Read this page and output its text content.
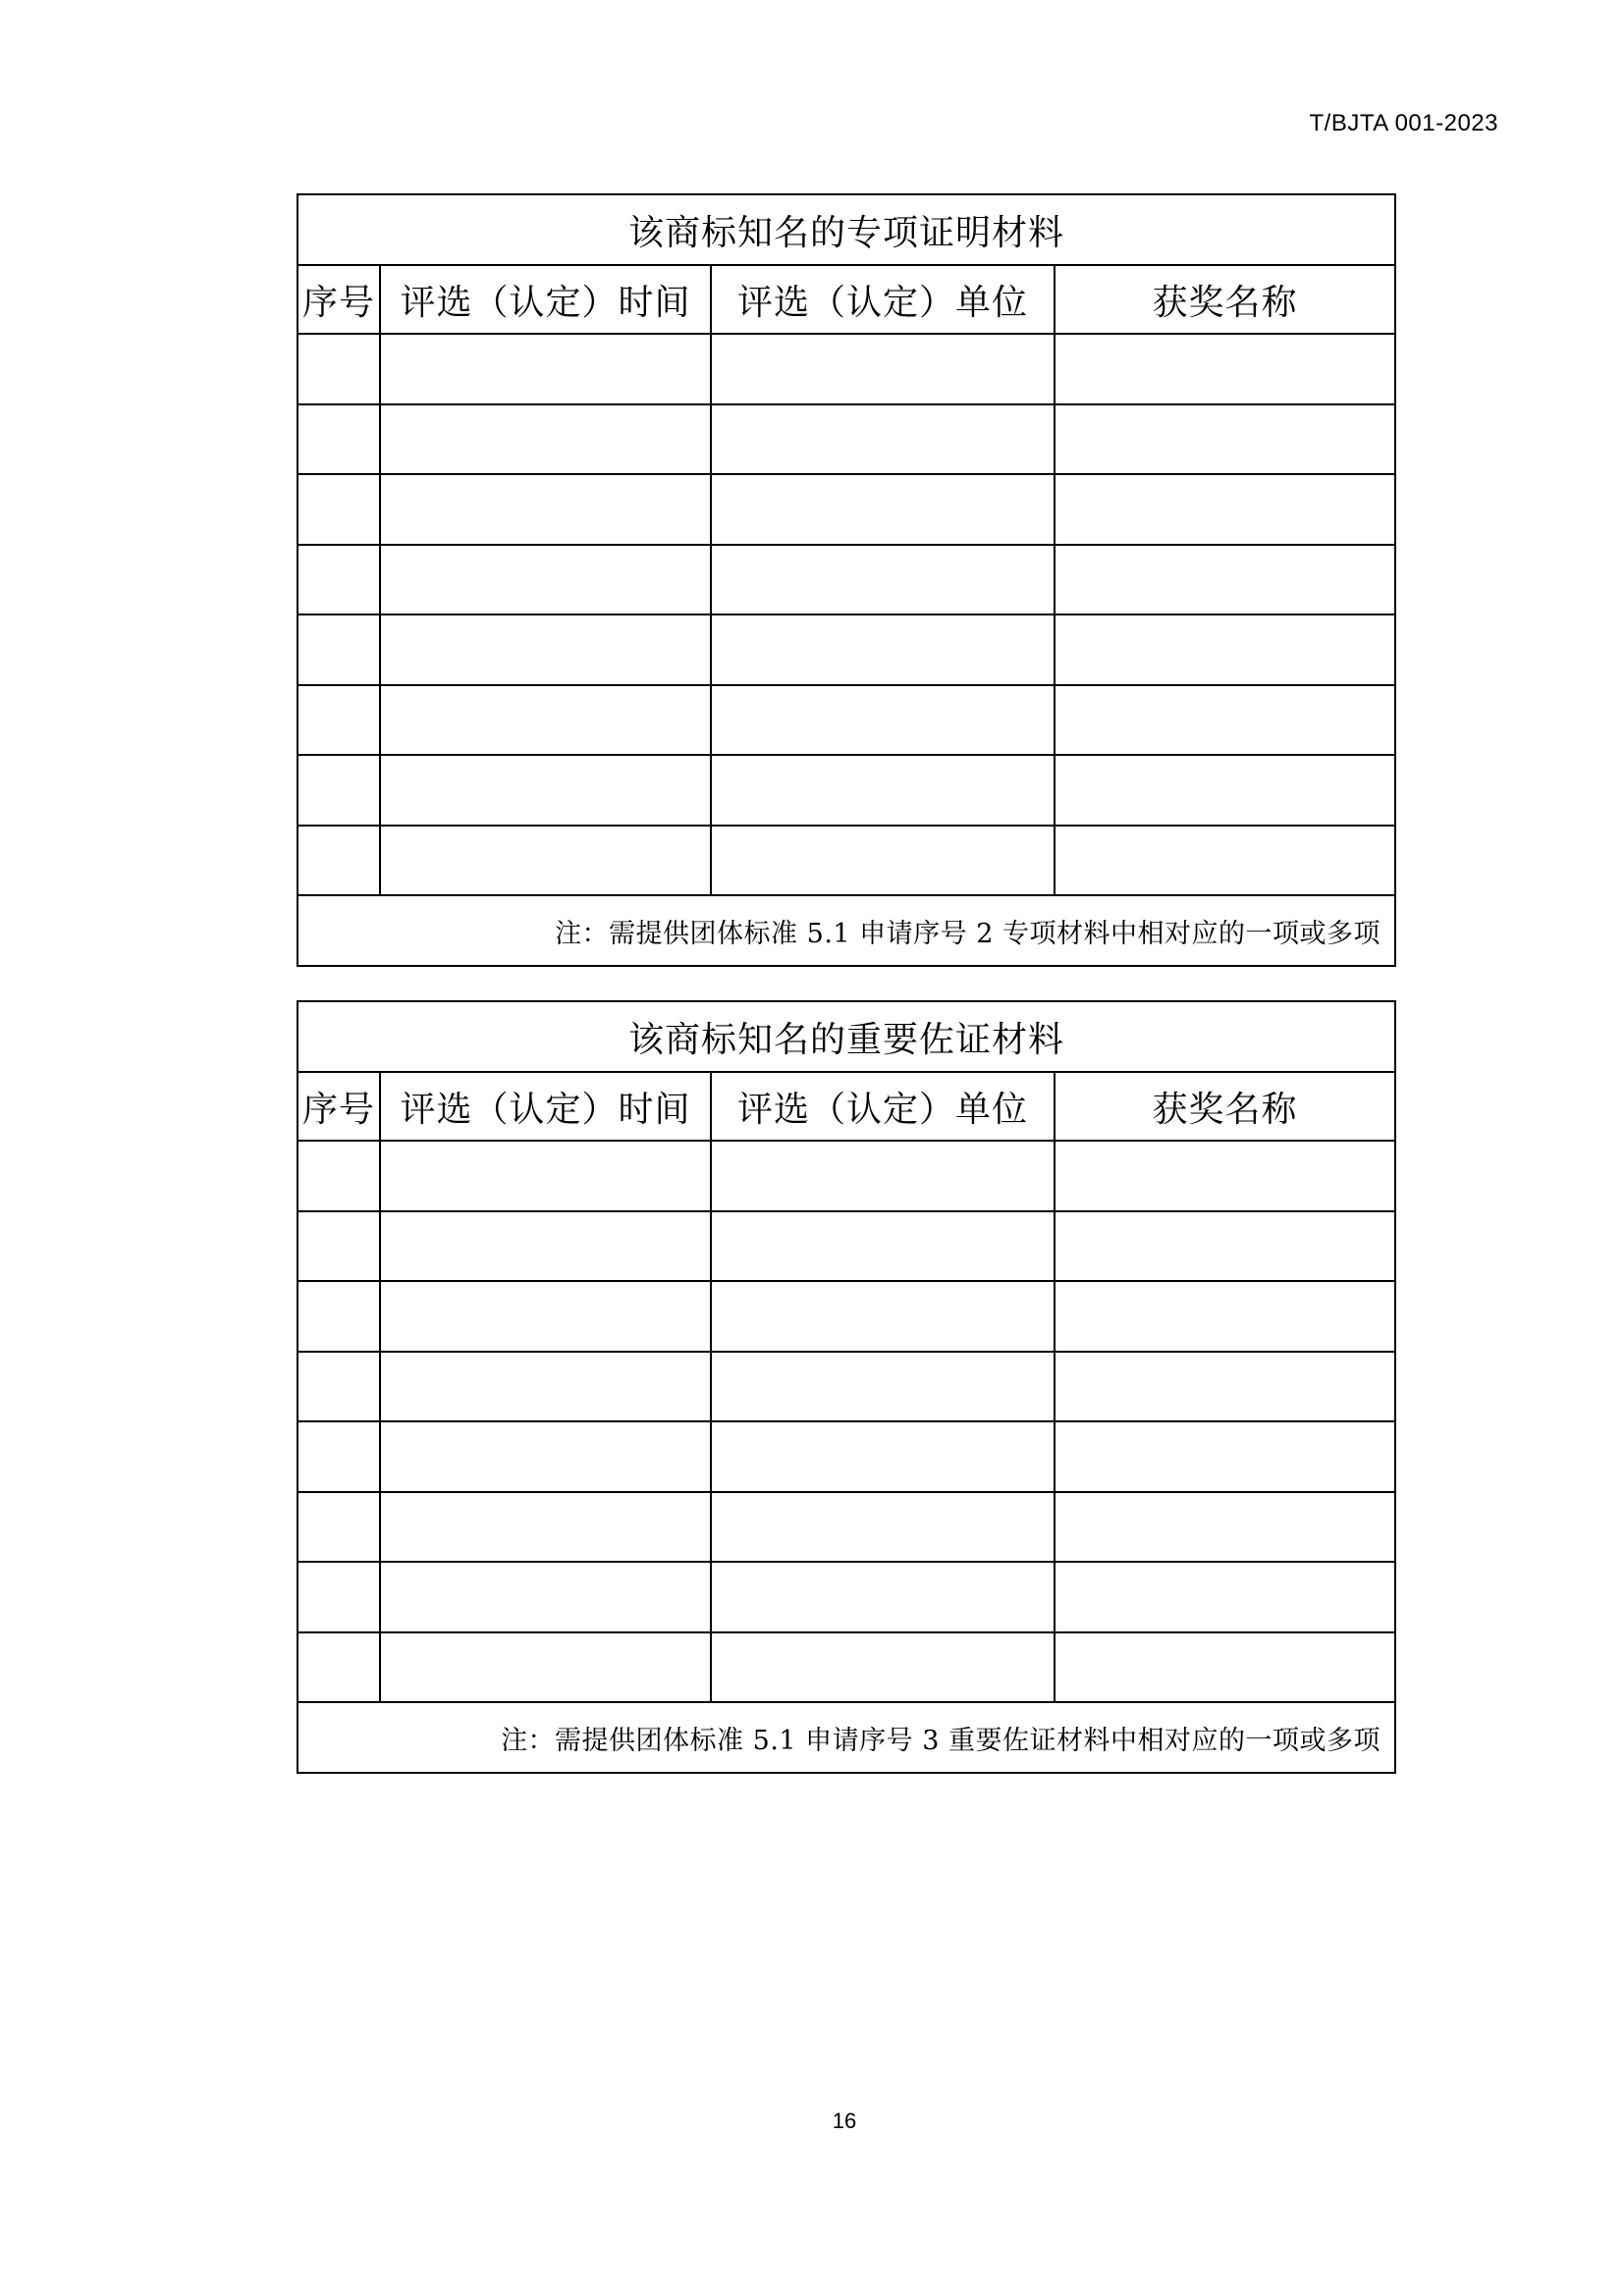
T/BJTA 001-2023
该商标知名的专项证明材料			
序号	评选（认定）时间	评选（认定）单位	获奖名称

注：需提供团体标准 5.1 申请序号 2 专项材料中相对应的一项或多项			
该商标知名的重要佐证材料			
序号	评选（认定）时间	评选（认定）单位	获奖名称

注：需提供团体标准 5.1 申请序号 3 重要佐证材料中相对应的一项或多项			
16
